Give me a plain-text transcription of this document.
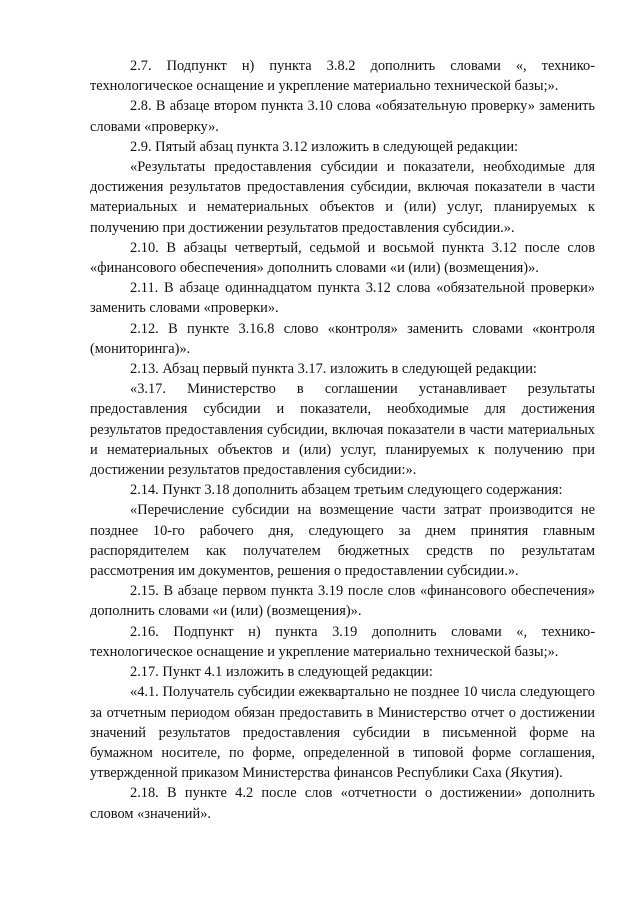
2.7. Подпункт н) пункта 3.8.2 дополнить словами «, технико-технологическое оснащение и укрепление материально технической базы;».

2.8. В абзаце втором пункта 3.10 слова «обязательную проверку» заменить словами «проверку».

2.9. Пятый абзац пункта 3.12 изложить в следующей редакции:

«Результаты предоставления субсидии и показатели, необходимые для достижения результатов предоставления субсидии, включая показатели в части материальных и нематериальных объектов и (или) услуг, планируемых к получению при достижении результатов предоставления субсидии.».

2.10. В абзацы четвертый, седьмой и восьмой пункта 3.12 после слов «финансового обеспечения» дополнить словами «и (или) (возмещения)».

2.11. В абзаце одиннадцатом пункта 3.12 слова «обязательной проверки» заменить словами «проверки».

2.12. В пункте 3.16.8 слово «контроля» заменить словами «контроля (мониторинга)».

2.13. Абзац первый пункта 3.17. изложить в следующей редакции:

«3.17. Министерство в соглашении устанавливает результаты предоставления субсидии и показатели, необходимые для достижения результатов предоставления субсидии, включая показатели в части материальных и нематериальных объектов и (или) услуг, планируемых к получению при достижении результатов предоставления субсидии:».

2.14. Пункт 3.18 дополнить абзацем третьим следующего содержания:

«Перечисление субсидии на возмещение части затрат производится не позднее 10-го рабочего дня, следующего за днем принятия главным распорядителем как получателем бюджетных средств по результатам рассмотрения им документов, решения о предоставлении субсидии.».

2.15. В абзаце первом пункта 3.19 после слов «финансового обеспечения» дополнить словами «и (или) (возмещения)».

2.16. Подпункт н) пункта 3.19 дополнить словами «, технико-технологическое оснащение и укрепление материально технической базы;».

2.17. Пункт 4.1 изложить в следующей редакции:

«4.1. Получатель субсидии ежеквартально не позднее 10 числа следующего за отчетным периодом обязан предоставить в Министерство отчет о достижении значений результатов предоставления субсидии в письменной форме на бумажном носителе, по форме, определенной в типовой форме соглашения, утвержденной приказом Министерства финансов Республики Саха (Якутия).

2.18. В пункте 4.2 после слов «отчетности о достижении» дополнить словом «значений».
